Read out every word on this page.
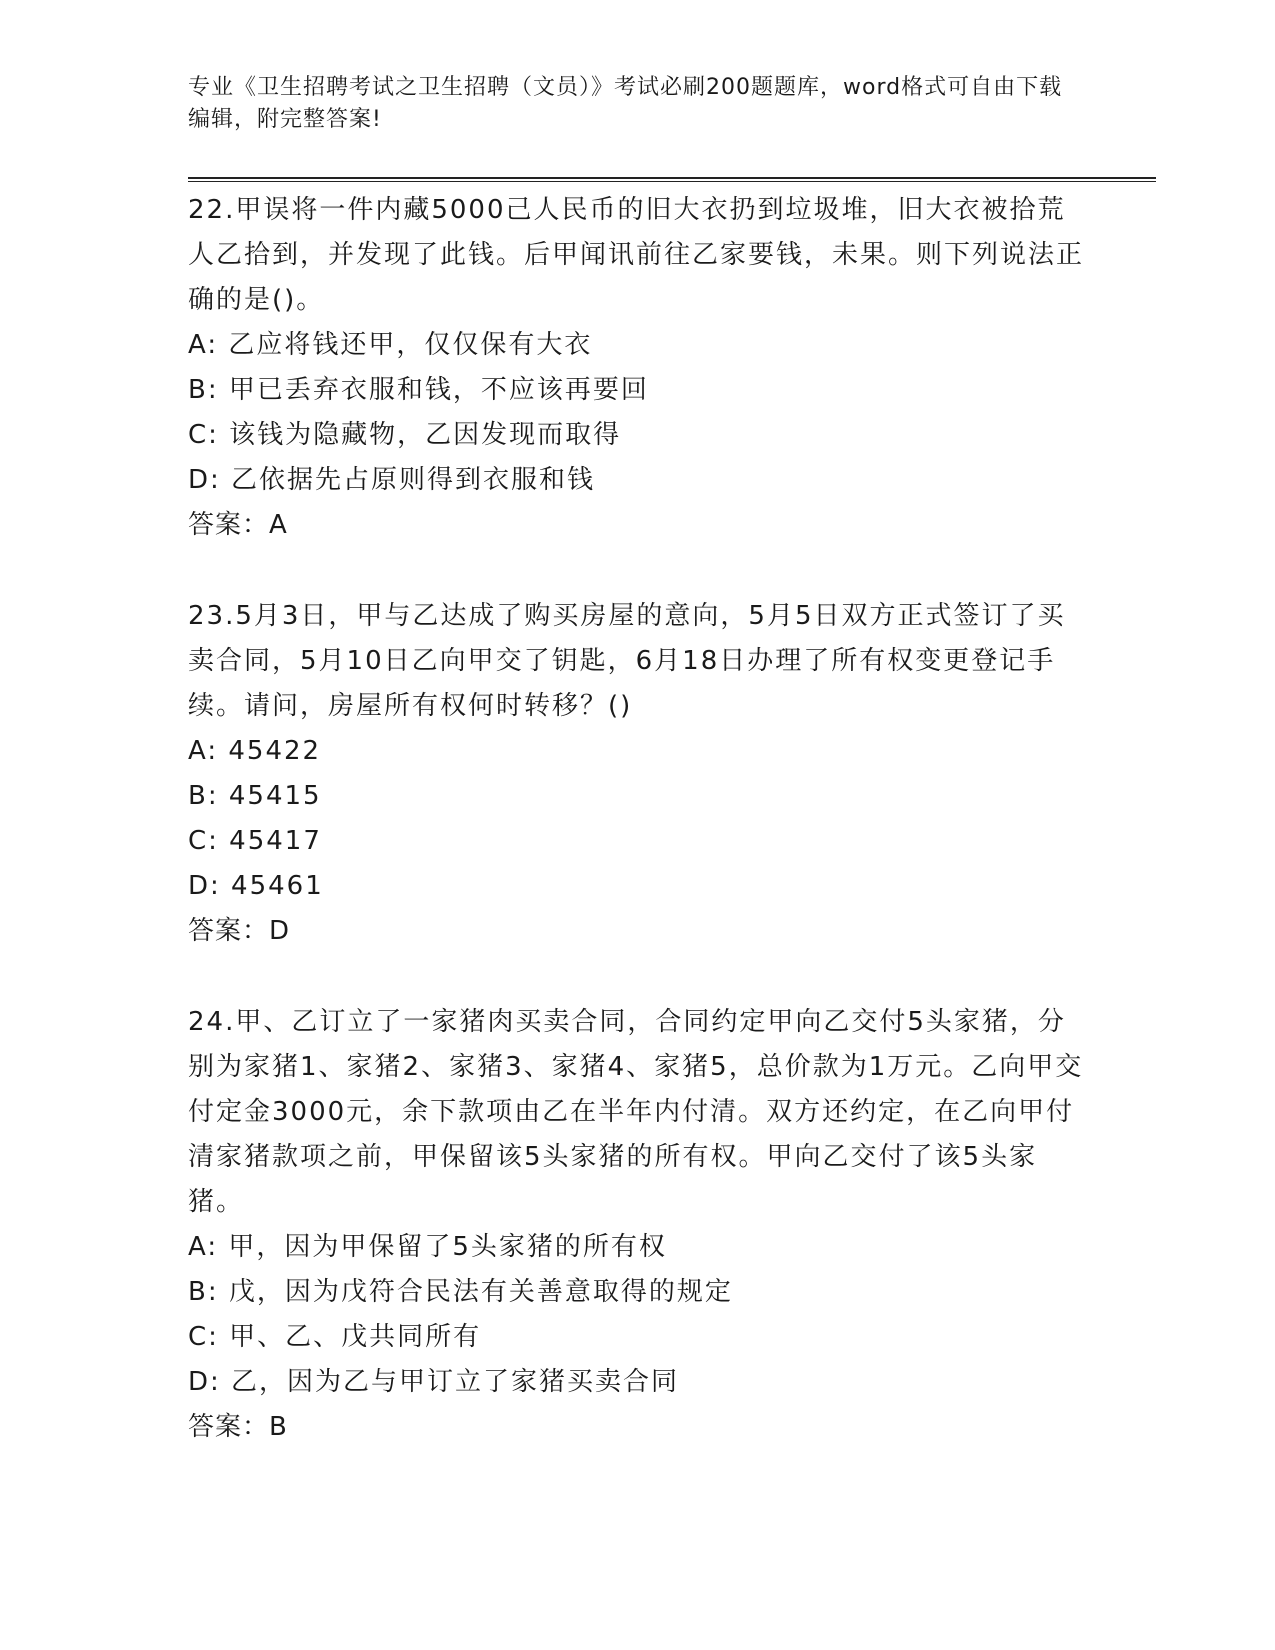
专业《卫生招聘考试之卫生招聘（文员）》考试必刷200题题库，word格式可自由下载编辑，附完整答案!

22.甲误将一件内藏5000己人民币的旧大衣扔到垃圾堆，旧大衣被拾荒人乙拾到，并发现了此钱。后甲闻讯前往乙家要钱，未果。则下列说法正确的是()。

A: 乙应将钱还甲，仅仅保有大衣
B: 甲已丢弃衣服和钱，不应该再要回
C: 该钱为隐藏物，乙因发现而取得
D: 乙依据先占原则得到衣服和钱
答案：A

23.5月3日，甲与乙达成了购买房屋的意向，5月5日双方正式签订了买卖合同，5月10日乙向甲交了钥匙，6月18日办理了所有权变更登记手续。请问，房屋所有权何时转移？()

A: 45422
B: 45415
C: 45417
D: 45461
答案：D

24.甲、乙订立了一家猪肉买卖合同，合同约定甲向乙交付5头家猪，分别为家猪1、家猪2、家猪3、家猪4、家猪5，总价款为1万元。乙向甲交付定金3000元，余下款项由乙在半年内付清。双方还约定，在乙向甲付清家猪款项之前，甲保留该5头家猪的所有权。甲向乙交付了该5头家猪。

A: 甲，因为甲保留了5头家猪的所有权
B: 戊，因为戊符合民法有关善意取得的规定
C: 甲、乙、戊共同所有
D: 乙，因为乙与甲订立了家猪买卖合同
答案：B
